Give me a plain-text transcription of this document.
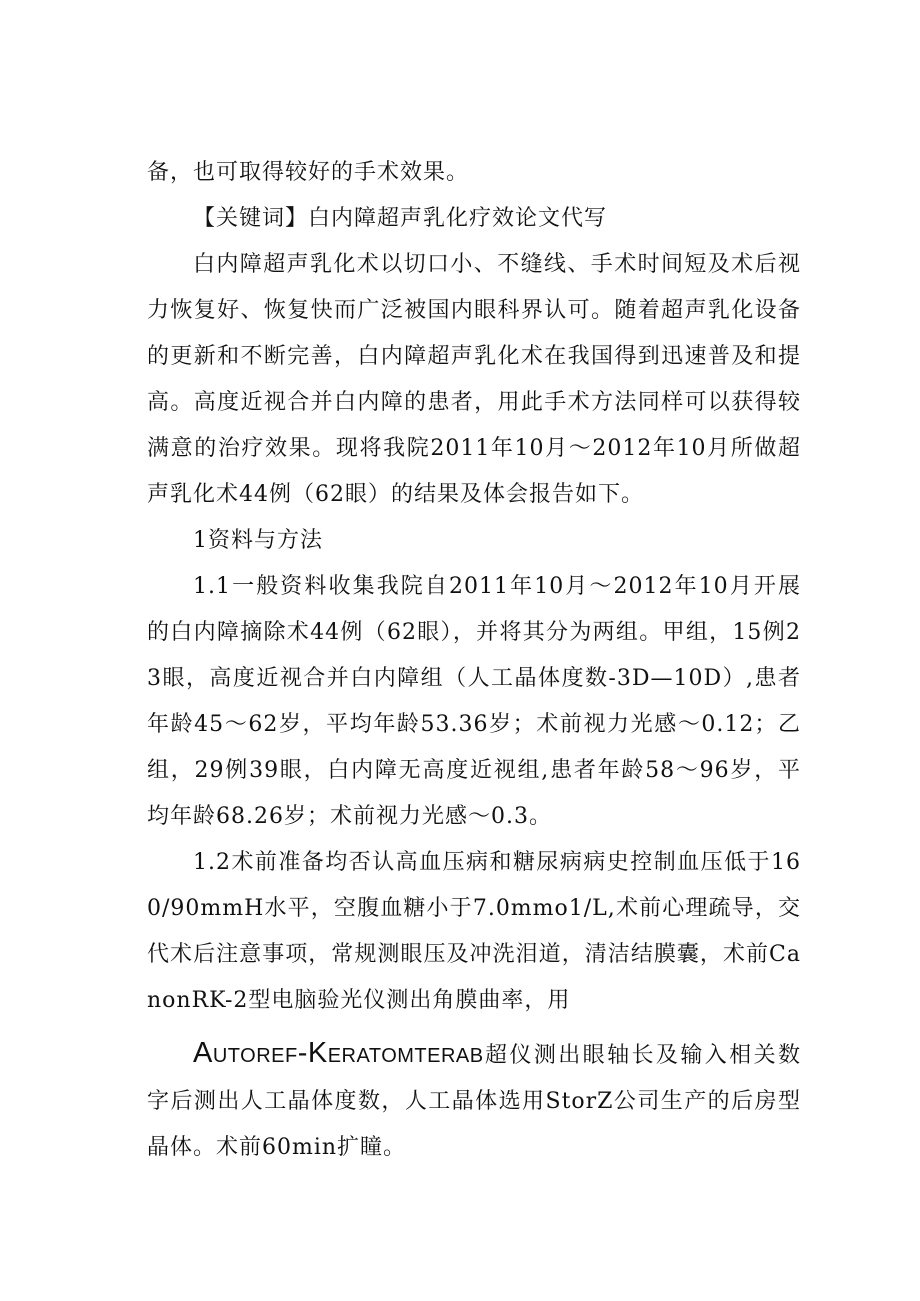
备，也可取得较好的手术效果。

【关键词】白内障超声乳化疗效论文代写

白内障超声乳化术以切口小、不缝线、手术时间短及术后视力恢复好、恢复快而广泛被国内眼科界认可。随着超声乳化设备的更新和不断完善，白内障超声乳化术在我国得到迅速普及和提高。高度近视合并白内障的患者，用此手术方法同样可以获得较满意的治疗效果。现将我院2011年10月～2012年10月所做超声乳化术44例（62眼）的结果及体会报告如下。

1资料与方法

1.1一般资料收集我院自2011年10月～2012年10月开展的白内障摘除术44例（62眼），并将其分为两组。甲组，15例23眼，高度近视合并白内障组（人工晶体度数-3D—10D）,患者年龄45～62岁，平均年龄53.36岁；术前视力光感～0.12；乙组，29例39眼，白内障无高度近视组,患者年龄58～96岁，平均年龄68.26岁；术前视力光感～0.3。

1.2术前准备均否认高血压病和糖尿病病史控制血压低于160/90mmH水平，空腹血糖小于7.0mmo1/L,术前心理疏导，交代术后注意事项，常规测眼压及冲洗泪道，清洁结膜囊，术前CanonRK-2型电脑验光仪测出角膜曲率，用

Autoref-Keratomterab超仪测出眼轴长及输入相关数字后测出人工晶体度数，人工晶体选用StorZ公司生产的后房型晶体。术前60min扩瞳。
